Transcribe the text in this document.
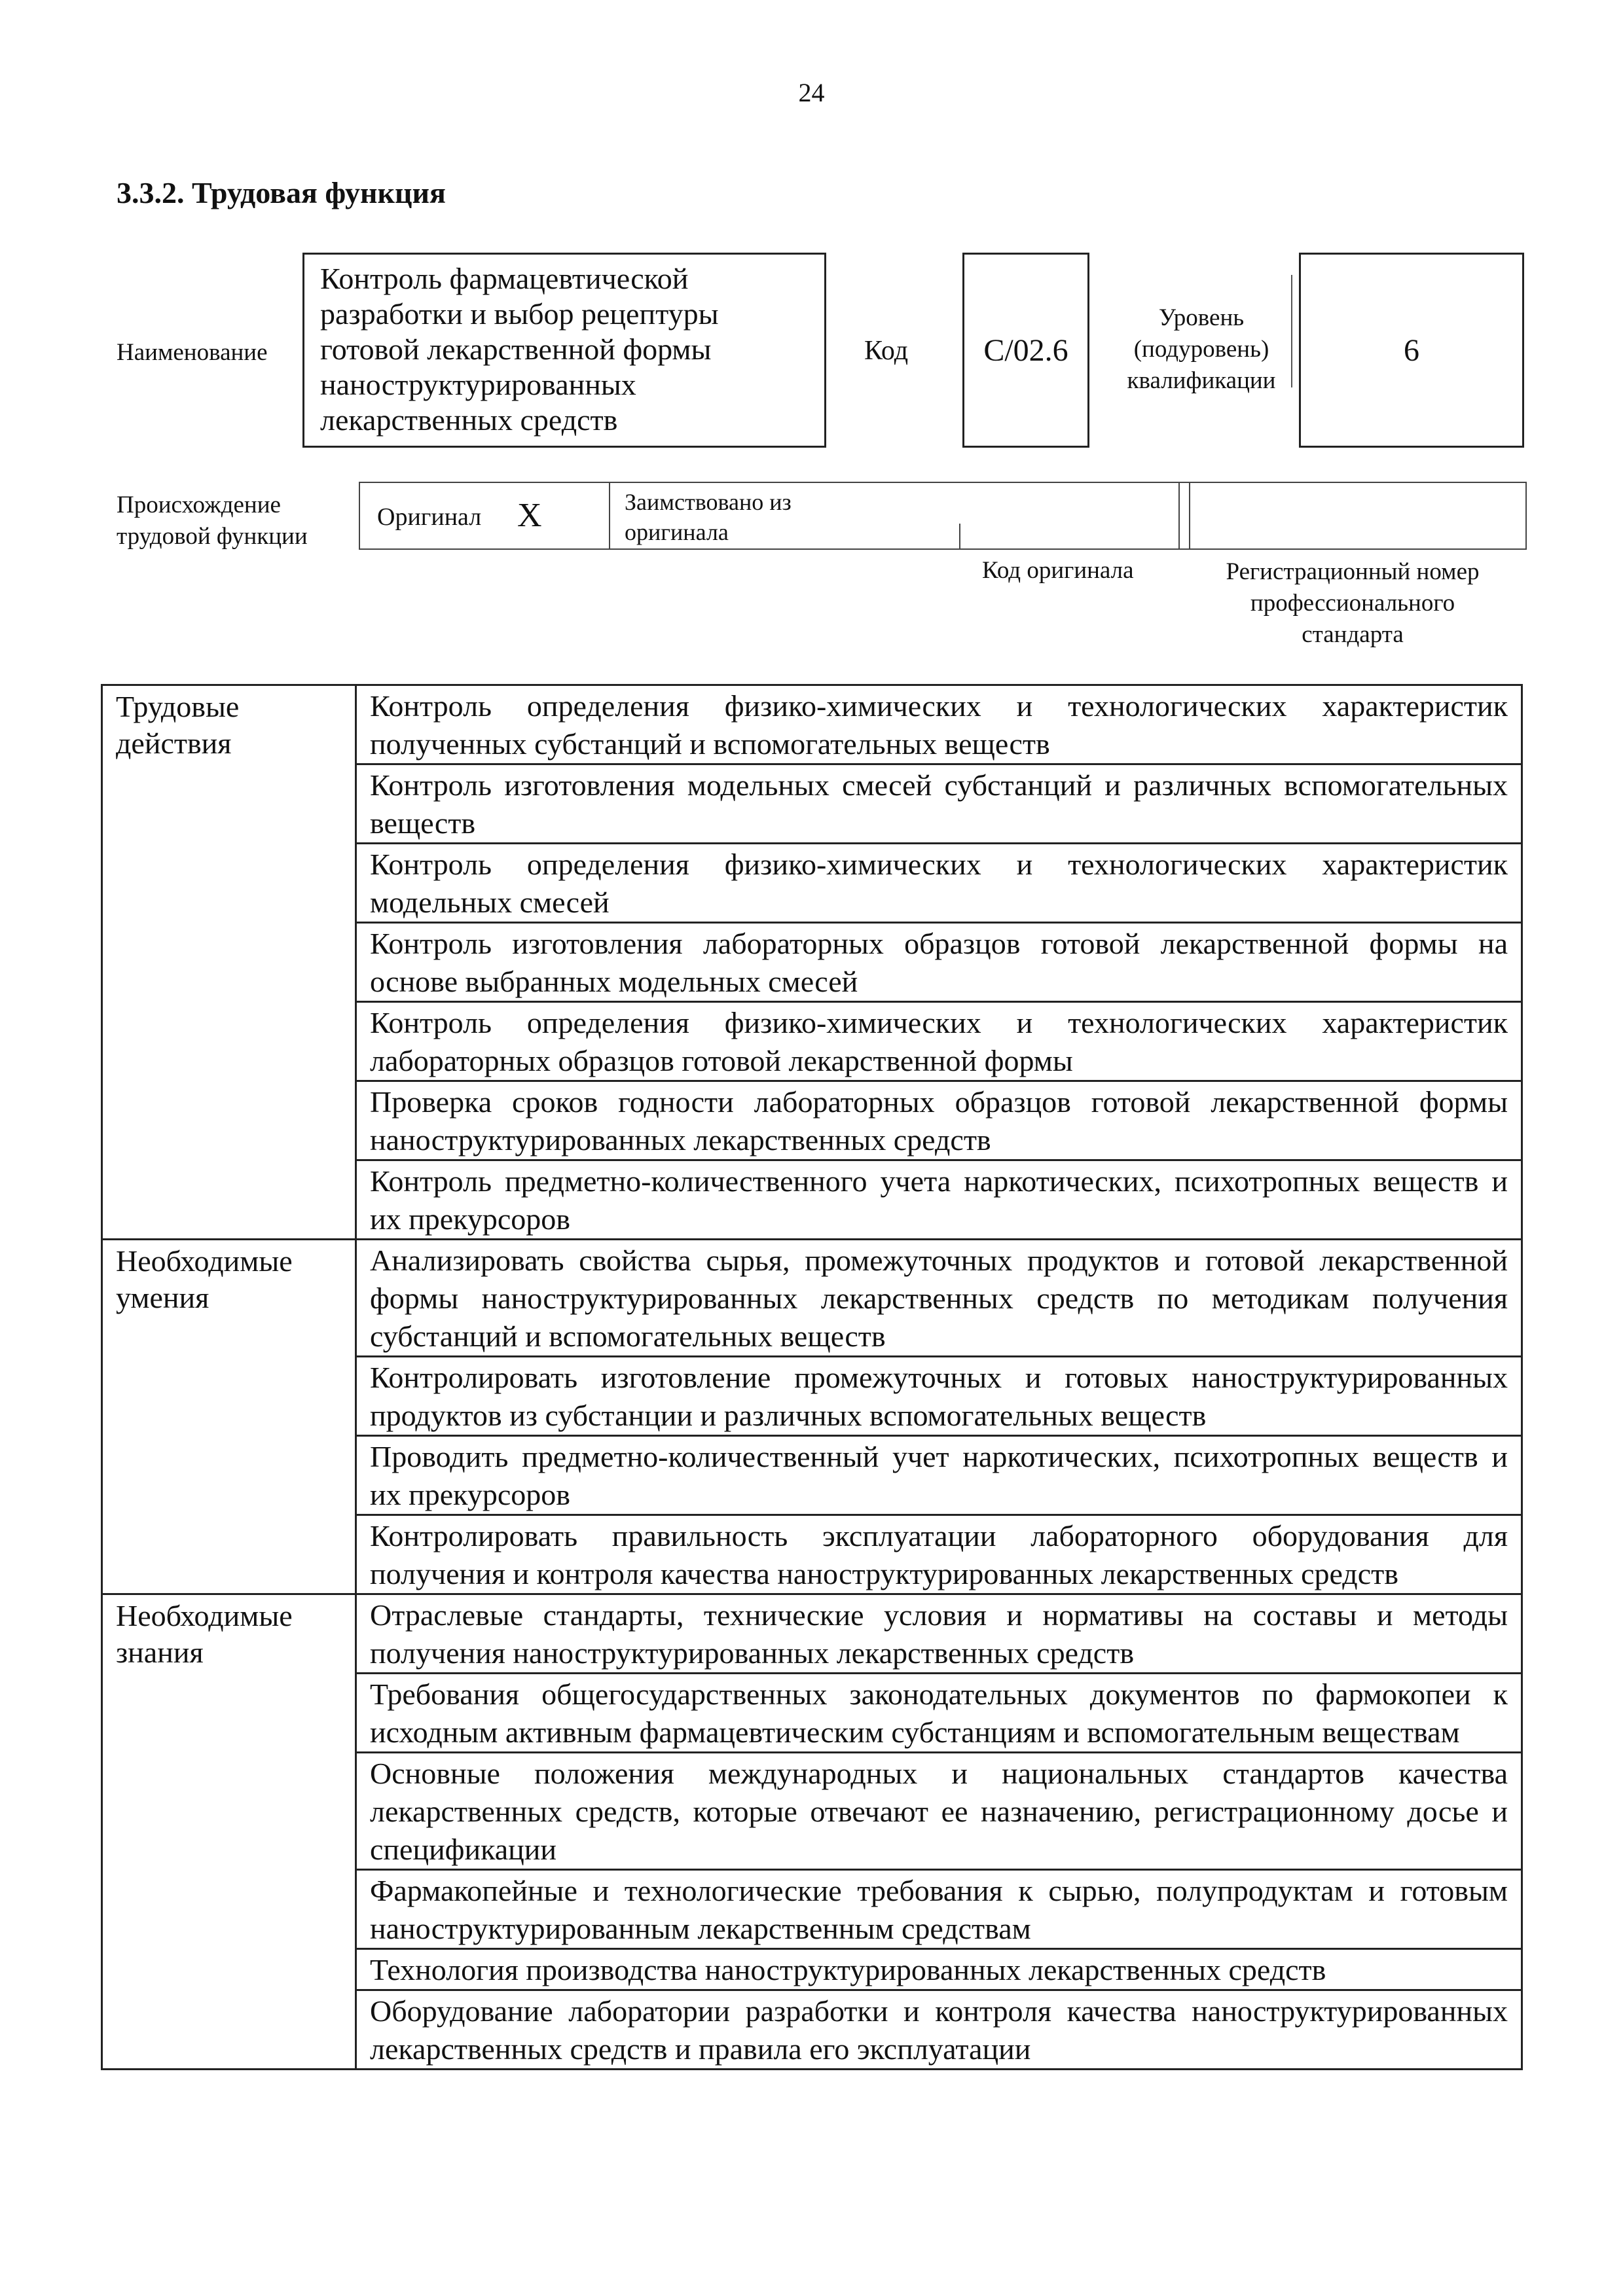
24
3.3.2. Трудовая функция
Наименование
Контроль фармацевтической разработки и выбор рецептуры готовой лекарственной формы наноструктурированных лекарственных средств
Код	С/02.6
Уровень (подуровень) квалификации
6
Происхождение трудовой функции
Оригинал Х	Заимствовано из оригинала
Код оригинала	Регистрационный номер профессионального стандарта
Трудовые действия	Контроль определения физико-химических и технологических характеристик полученных субстанций и вспомогательных веществ
	Контроль изготовления модельных смесей субстанций и различных вспомогательных веществ
	Контроль определения физико-химических и технологических характеристик модельных смесей
	Контроль изготовления лабораторных образцов готовой лекарственной формы на основе выбранных модельных смесей
	Контроль определения физико-химических и технологических характеристик лабораторных образцов готовой лекарственной формы
	Проверка сроков годности лабораторных образцов готовой лекарственной формы наноструктурированных лекарственных средств
	Контроль предметно-количественного учета наркотических, психотропных веществ и их прекурсоров
Необходимые умения	Анализировать свойства сырья, промежуточных продуктов и готовой лекарственной формы наноструктурированных лекарственных средств по методикам получения субстанций и вспомогательных веществ
	Контролировать изготовление промежуточных и готовых наноструктурированных продуктов из субстанции и различных вспомогательных веществ
	Проводить предметно-количественный учет наркотических, психотропных веществ и их прекурсоров
	Контролировать правильность эксплуатации лабораторного оборудования для получения и контроля качества наноструктурированных лекарственных средств
Необходимые знания	Отраслевые стандарты, технические условия и нормативы на составы и методы получения наноструктурированных лекарственных средств
	Требования общегосударственных законодательных документов по фармокопеи к исходным активным фармацевтическим субстанциям и вспомогательным веществам
	Основные положения международных и национальных стандартов качества лекарственных средств, которые отвечают ее назначению, регистрационному досье и спецификации
	Фармакопейные и технологические требования к сырью, полупродуктам и готовым наноструктурированным лекарственным средствам
	Технология производства наноструктурированных лекарственных средств
	Оборудование лаборатории разработки и контроля качества наноструктурированных лекарственных средств и правила его эксплуатации
